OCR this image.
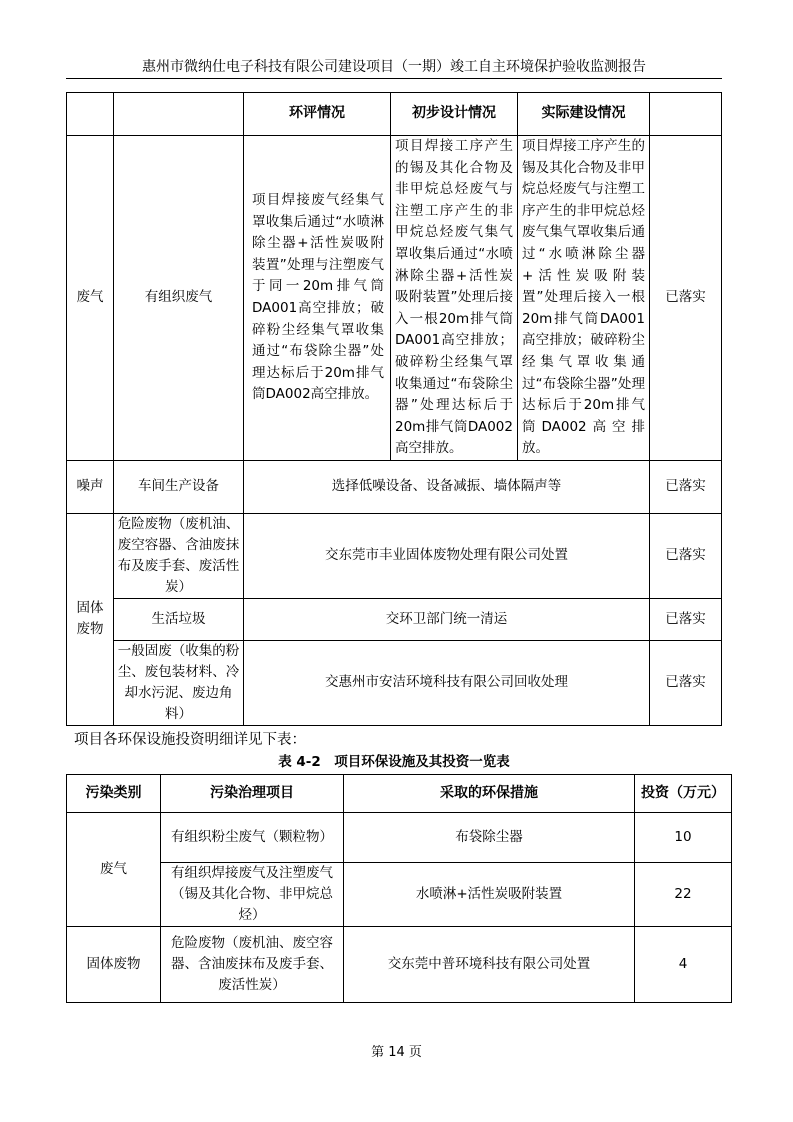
惠州市微纳仕电子科技有限公司建设项目（一期）竣工自主环境保护验收监测报告
		环评情况	初步设计情况	实际建设情况	
废气	有组织废气	项目焊接废气经集气罩收集后通过“水喷淋除尘器+活性炭吸附装置”处理与注塑废气于同一20m排气筒DA001高空排放；破碎粉尘经集气罩收集通过“布袋除尘器”处理达标后于20m排气筒DA002高空排放。	项目焊接工序产生的锡及其化合物及非甲烷总烃废气与注塑工序产生的非甲烷总烃废气集气罩收集后通过“水喷淋除尘器+活性炭吸附装置”处理后接入一根20m排气筒DA001高空排放；破碎粉尘经集气罩收集通过“布袋除尘器”处理达标后于20m排气筒DA002高空排放。	项目焊接工序产生的锡及其化合物及非甲烷总烃废气与注塑工序产生的非甲烷总烃废气集气罩收集后通过“水喷淋除尘器+活性炭吸附装置”处理后接入一根20m排气筒DA001高空排放；破碎粉尘经集气罩收集通过“布袋除尘器”处理达标后于20m排气筒DA002高空排放。	已落实
噪声	车间生产设备	选择低噪设备、设备减振、墙体隔声等			已落实
固体废物	危险废物（废机油、废空容器、含油废抹布及废手套、废活性炭）	交东莞市丰业固体废物处理有限公司处置			已落实
	生活垃圾	交环卫部门统一清运			已落实
	一般固废（收集的粉尘、废包装材料、冷却水污泥、废边角料）	交惠州市安洁环境科技有限公司回收处理			已落实
项目各环保设施投资明细详见下表：
表 4-2　项目环保设施及其投资一览表
污染类别	污染治理项目	采取的环保措施	投资（万元）
废气	有组织粉尘废气（颗粒物）	布袋除尘器	10
	有组织焊接废气及注塑废气（锡及其化合物、非甲烷总烃）	水喷淋+活性炭吸附装置	22
固体废物	危险废物（废机油、废空容器、含油废抹布及废手套、废活性炭）	交东莞中普环境科技有限公司处置	4
第 14 页
